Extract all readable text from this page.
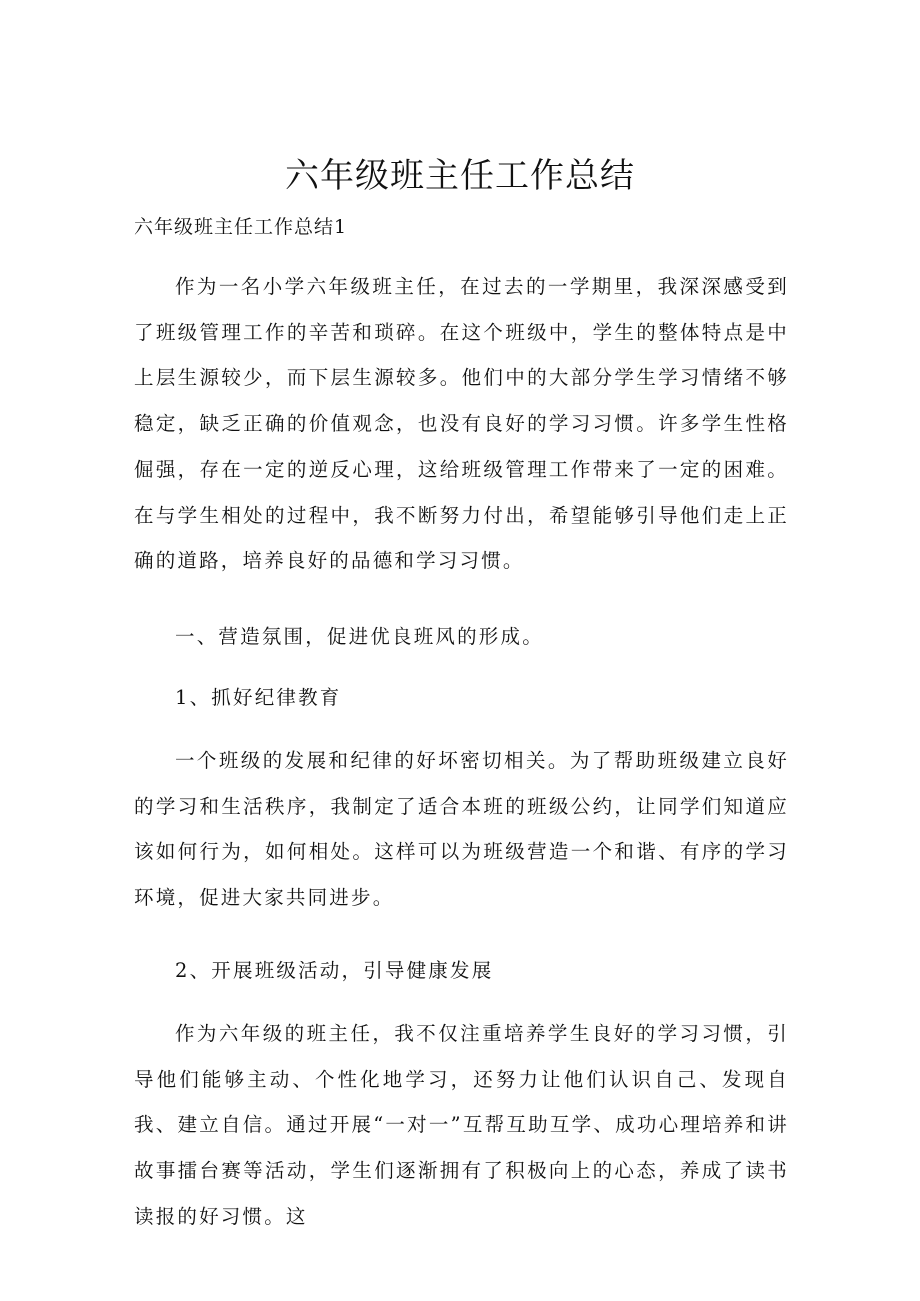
六年级班主任工作总结

六年级班主任工作总结1

作为一名小学六年级班主任，在过去的一学期里，我深深感受到了班级管理工作的辛苦和琐碎。在这个班级中，学生的整体特点是中上层生源较少，而下层生源较多。他们中的大部分学生学习情绪不够稳定，缺乏正确的价值观念，也没有良好的学习习惯。许多学生性格倔强，存在一定的逆反心理，这给班级管理工作带来了一定的困难。在与学生相处的过程中，我不断努力付出，希望能够引导他们走上正确的道路，培养良好的品德和学习习惯。

一、营造氛围，促进优良班风的形成。

1、抓好纪律教育

一个班级的发展和纪律的好坏密切相关。为了帮助班级建立良好的学习和生活秩序，我制定了适合本班的班级公约，让同学们知道应该如何行为，如何相处。这样可以为班级营造一个和谐、有序的学习环境，促进大家共同进步。

2、开展班级活动，引导健康发展

作为六年级的班主任，我不仅注重培养学生良好的学习习惯，引导他们能够主动、个性化地学习，还努力让他们认识自己、发现自我、建立自信。通过开展“一对一”互帮互助互学、成功心理培养和讲故事擂台赛等活动，学生们逐渐拥有了积极向上的心态，养成了读书读报的好习惯。这
